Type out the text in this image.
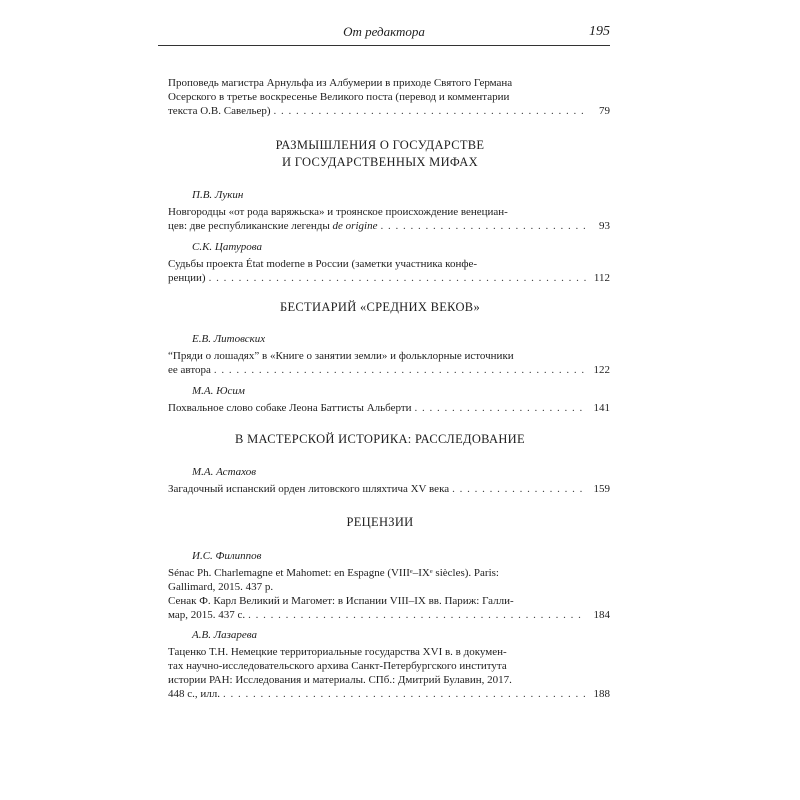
От редактора	195
Проповедь магистра Арнульфа из Албумерии в приходе Святого Германа
Осерского в третье воскресенье Великого поста (перевод и комментарии
текста О.В. Савельер) . . .	79
РАЗМЫШЛЕНИЯ О ГОСУДАРСТВЕ
И ГОСУДАРСТВЕННЫХ МИФАХ
П.В. Лукин
Новгородцы «от рода варяжьска» и троянское происхождение венециан-
цев: две республиканские легенды de origine . . .	93
С.К. Цатурова
Судьбы проекта État moderne в России (заметки участника конфе-
ренции) . . .	112
БЕСТИАРИЙ «СРЕДНИХ ВЕКОВ»
Е.В. Литовских
“Пряди о лошадях” в «Книге о занятии земли» и фольклорные источники
ее автора . . .	122
М.А. Юсим
Похвальное слово собаке Леона Баттисты Альберти . . .	141
В МАСТЕРСКОЙ ИСТОРИКА: РАССЛЕДОВАНИЕ
М.А. Астахов
Загадочный испанский орден литовского шляхтича XV века . . .	159
РЕЦЕНЗИИ
И.С. Филиппов
Sénac Ph. Charlemagne et Mahomet: en Espagne (VIIIᵉ–IXᵉ siècles). Paris:
Gallimard, 2015. 437 p.
Сенак Ф. Карл Великий и Магомет: в Испании VIII–IX вв. Париж: Галли-
мар, 2015. 437 с. . . .	184
А.В. Лазарева
Таценко Т.Н. Немецкие территориальные государства XVI в. в докумен-
тах научно-исследовательского архива Санкт-Петербургского института
истории РАН: Исследования и материалы. СПб.: Дмитрий Булавин, 2017.
448 с., илл. . . .	188
